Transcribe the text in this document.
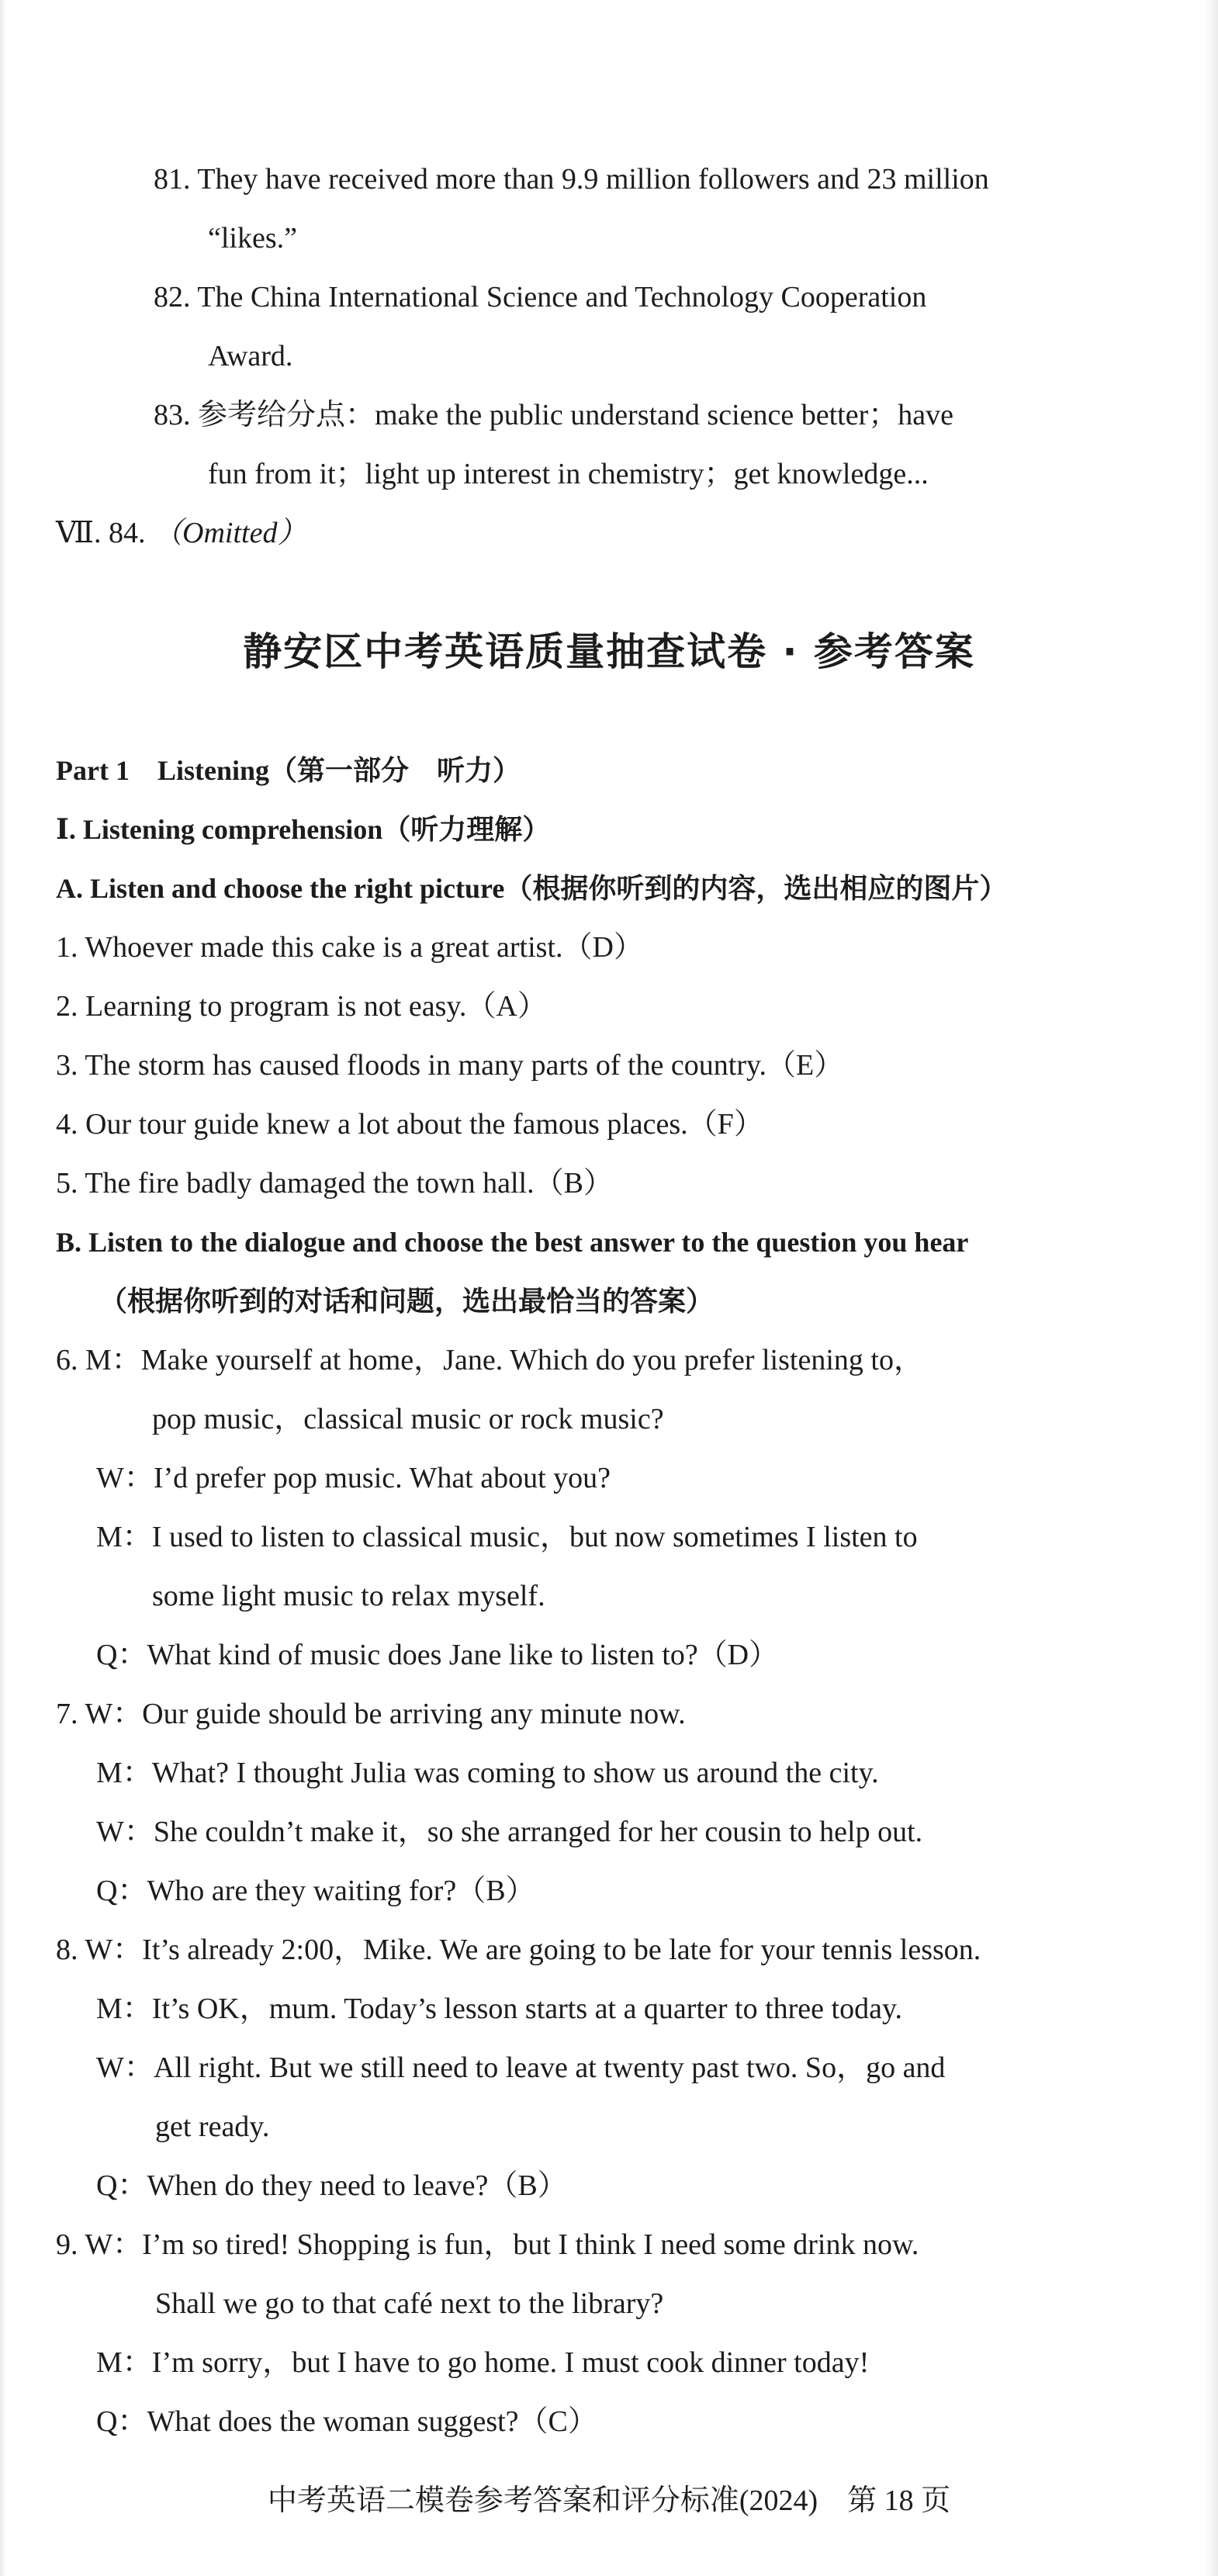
81. They have received more than 9.9 million followers and 23 million
“likes.”
82. The China International Science and Technology Cooperation
Award.
83. 参考给分点：make the public understand science better；have
fun from it；light up interest in chemistry；get knowledge...
Ⅶ. 84. （Omitted）
静安区中考英语质量抽查试卷 · 参考答案
Part 1　Listening（第一部分　听力）
Ⅰ. Listening comprehension（听力理解）
A. Listen and choose the right picture（根据你听到的内容，选出相应的图片）
1. Whoever made this cake is a great artist.（D）
2. Learning to program is not easy.（A）
3. The storm has caused floods in many parts of the country.（E）
4. Our tour guide knew a lot about the famous places.（F）
5. The fire badly damaged the town hall.（B）
B. Listen to the dialogue and choose the best answer to the question you hear
（根据你听到的对话和问题，选出最恰当的答案）
6. M：Make yourself at home，Jane. Which do you prefer listening to，
pop music，classical music or rock music?
W：I’d prefer pop music. What about you?
M：I used to listen to classical music，but now sometimes I listen to
some light music to relax myself.
Q：What kind of music does Jane like to listen to?（D）
7. W：Our guide should be arriving any minute now.
M：What? I thought Julia was coming to show us around the city.
W：She couldn’t make it，so she arranged for her cousin to help out.
Q：Who are they waiting for?（B）
8. W：It’s already 2:00，Mike. We are going to be late for your tennis lesson.
M：It’s OK，mum. Today’s lesson starts at a quarter to three today.
W：All right. But we still need to leave at twenty past two. So，go and
get ready.
Q：When do they need to leave?（B）
9. W：I’m so tired! Shopping is fun，but I think I need some drink now.
Shall we go to that café next to the library?
M：I’m sorry，but I have to go home. I must cook dinner today!
Q：What does the woman suggest?（C）
中考英语二模卷参考答案和评分标准(2024)　第 18 页
